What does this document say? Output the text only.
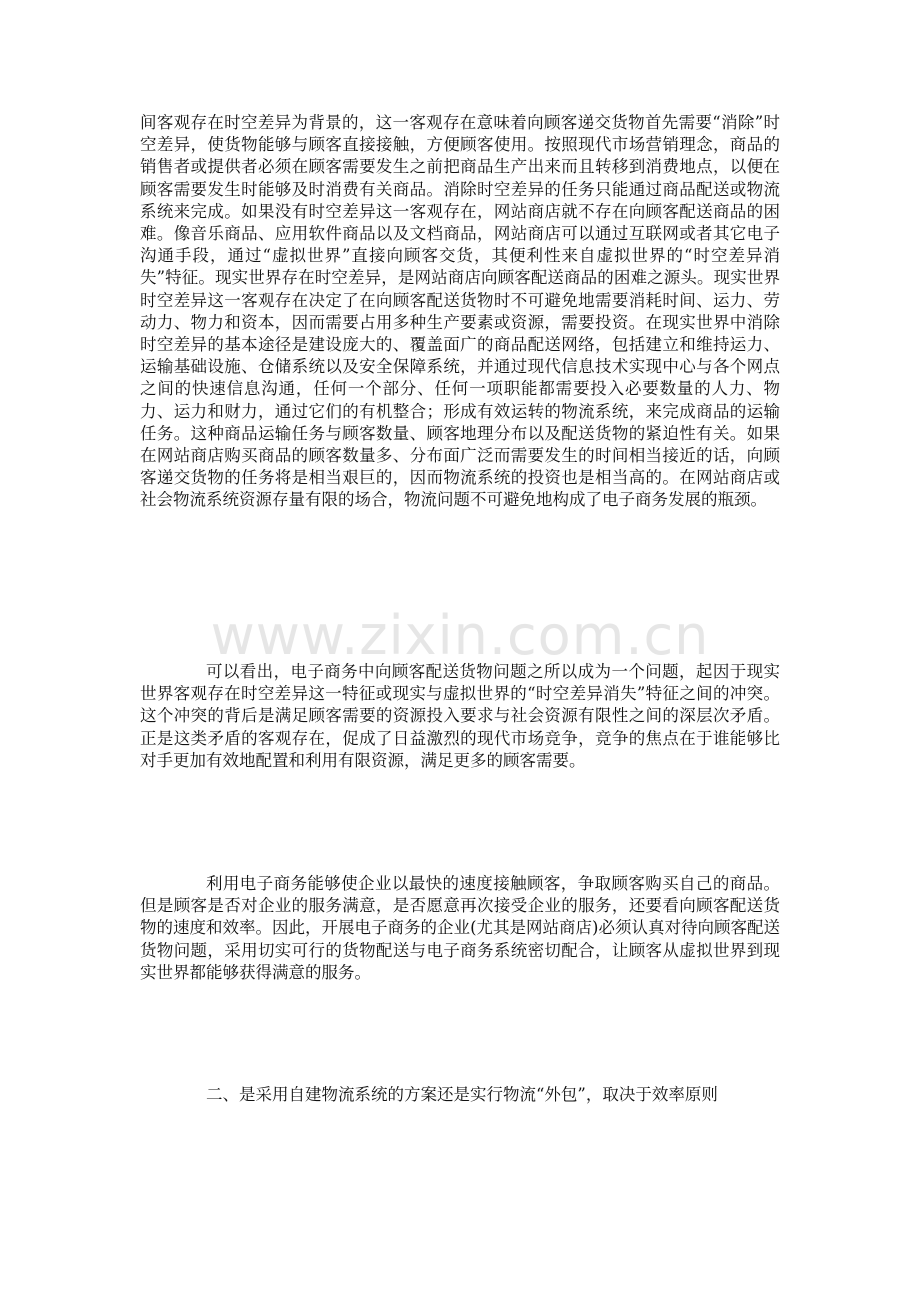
间客观存在时空差异为背景的，这一客观存在意味着向顾客递交货物首先需要“消除”时空差异，使货物能够与顾客直接接触，方便顾客使用。按照现代市场营销理念，商品的销售者或提供者必须在顾客需要发生之前把商品生产出来而且转移到消费地点，以便在顾客需要发生时能够及时消费有关商品。消除时空差异的任务只能通过商品配送或物流系统来完成。如果没有时空差异这一客观存在，网站商店就不存在向顾客配送商品的困难。像音乐商品、应用软件商品以及文档商品，网站商店可以通过互联网或者其它电子沟通手段，通过“虚拟世界”直接向顾客交货，其便利性来自虚拟世界的“时空差异消失”特征。现实世界存在时空差异，是网站商店向顾客配送商品的困难之源头。现实世界时空差异这一客观存在决定了在向顾客配送货物时不可避免地需要消耗时间、运力、劳动力、物力和资本，因而需要占用多种生产要素或资源，需要投资。在现实世界中消除时空差异的基本途径是建设庞大的、覆盖面广的商品配送网络，包括建立和维持运力、运输基础设施、仓储系统以及安全保障系统，并通过现代信息技术实现中心与各个网点之间的快速信息沟通，任何一个部分、任何一项职能都需要投入必要数量的人力、物力、运力和财力，通过它们的有机整合；形成有效运转的物流系统，来完成商品的运输任务。这种商品运输任务与顾客数量、顾客地理分布以及配送货物的紧迫性有关。如果在网站商店购买商品的顾客数量多、分布面广泛而需要发生的时间相当接近的话，向顾客递交货物的任务将是相当艰巨的，因而物流系统的投资也是相当高的。在网站商店或社会物流系统资源存量有限的场合，物流问题不可避免地构成了电子商务发展的瓶颈。

www.zixin.com.cn

可以看出，电子商务中向顾客配送货物问题之所以成为一个问题，起因于现实世界客观存在时空差异这一特征或现实与虚拟世界的“时空差异消失”特征之间的冲突。这个冲突的背后是满足顾客需要的资源投入要求与社会资源有限性之间的深层次矛盾。正是这类矛盾的客观存在，促成了日益激烈的现代市场竞争，竞争的焦点在于谁能够比对手更加有效地配置和利用有限资源，满足更多的顾客需要。

利用电子商务能够使企业以最快的速度接触顾客，争取顾客购买自己的商品。但是顾客是否对企业的服务满意，是否愿意再次接受企业的服务，还要看向顾客配送货物的速度和效率。因此，开展电子商务的企业(尤其是网站商店)必须认真对待向顾客配送货物问题，采用切实可行的货物配送与电子商务系统密切配合，让顾客从虚拟世界到现实世界都能够获得满意的服务。

二、是采用自建物流系统的方案还是实行物流“外包”，取决于效率原则
